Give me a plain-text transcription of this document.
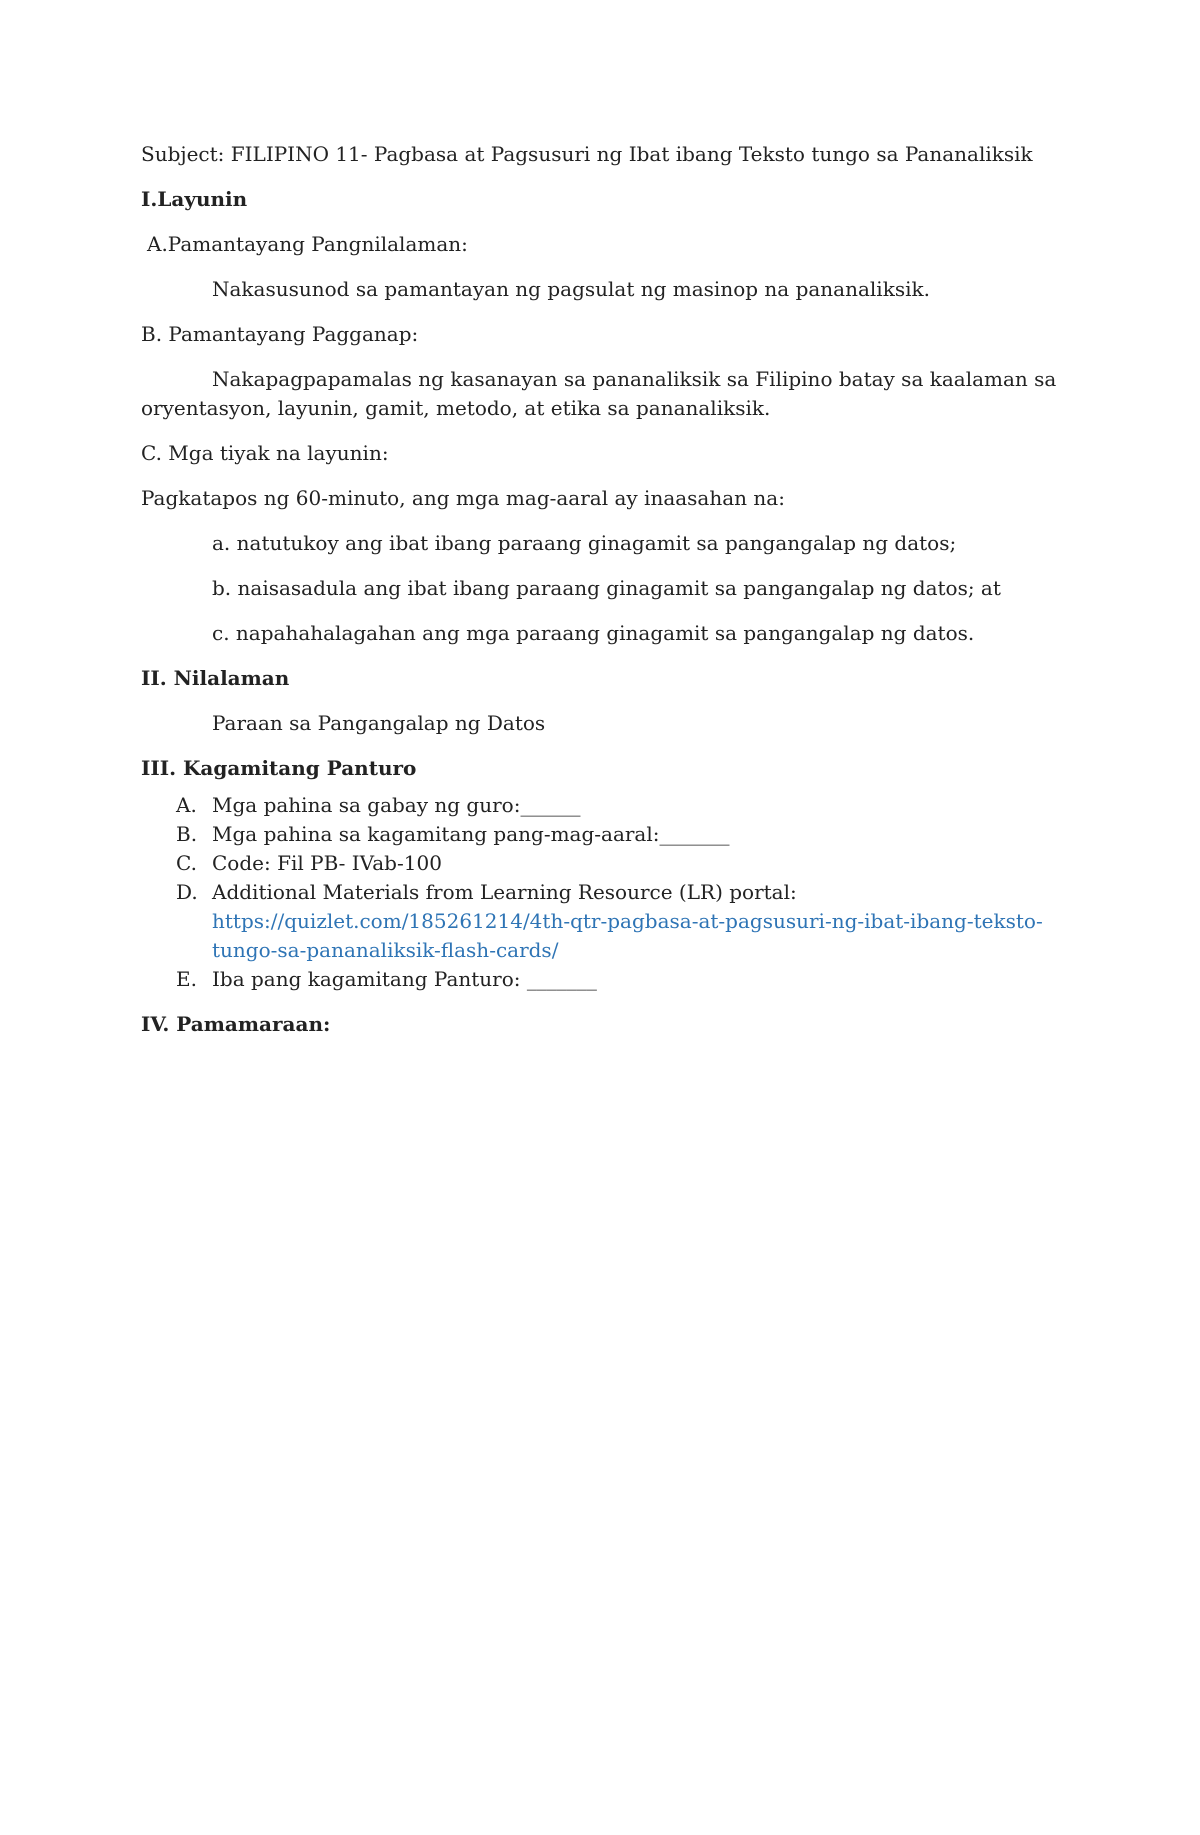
Subject: FILIPINO 11- Pagbasa at Pagsusuri ng Ibat ibang Teksto tungo sa Pananaliksik

I.Layunin

A.Pamantayang Pangnilalaman:

Nakasusunod sa pamantayan ng pagsulat ng masinop na pananaliksik.

B. Pamantayang Pagganap:

Nakapagpapamalas ng kasanayan sa pananaliksik sa Filipino batay sa kaalaman sa oryentasyon, layunin, gamit, metodo, at etika sa pananaliksik.

C. Mga tiyak na layunin:

Pagkatapos ng 60-minuto, ang mga mag-aaral ay inaasahan na:

a. natutukoy ang ibat ibang paraang ginagamit sa pangangalap ng datos;

b. naisasadula ang ibat ibang paraang ginagamit sa pangangalap ng datos; at

c. napahahalagahan ang mga paraang ginagamit sa pangangalap ng datos.

II. Nilalaman

Paraan sa Pangangalap ng Datos

III. Kagamitang Panturo

A. Mga pahina sa gabay ng guro:______
B. Mga pahina sa kagamitang pang-mag-aaral:_______
C. Code: Fil PB- IVab-100
D. Additional Materials from Learning Resource (LR) portal:
https://quizlet.com/185261214/4th-qtr-pagbasa-at-pagsusuri-ng-ibat-ibang-teksto-tungo-sa-pananaliksik-flash-cards/
E. Iba pang kagamitang Panturo: _______

IV. Pamamaraan:
